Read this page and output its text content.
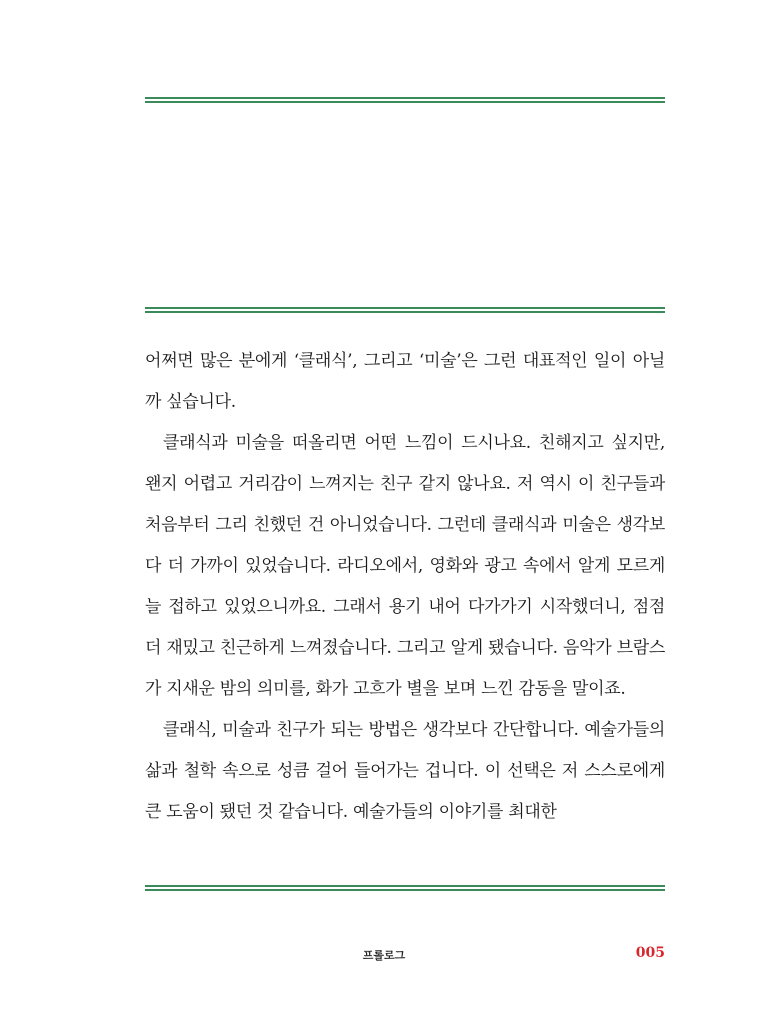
어쩌면 많은 분에게 ‘클래식’, 그리고 ‘미술’은 그런 대표적인 일이 아닐까 싶습니다.

클래식과 미술을 떠올리면 어떤 느낌이 드시나요. 친해지고 싶지만, 왠지 어렵고 거리감이 느껴지는 친구 같지 않나요. 저 역시 이 친구들과 처음부터 그리 친했던 건 아니었습니다. 그런데 클래식과 미술은 생각보다 더 가까이 있었습니다. 라디오에서, 영화와 광고 속에서 알게 모르게 늘 접하고 있었으니까요. 그래서 용기 내어 다가가기 시작했더니, 점점 더 재밌고 친근하게 느껴졌습니다. 그리고 알게 됐습니다. 음악가 브람스가 지새운 밤의 의미를, 화가 고흐가 별을 보며 느낀 감동을 말이죠.

클래식, 미술과 친구가 되는 방법은 생각보다 간단합니다. 예술가들의 삶과 철학 속으로 성큼 걸어 들어가는 겁니다. 이 선택은 저 스스로에게 큰 도움이 됐던 것 같습니다. 예술가들의 이야기를 최대한

프롤로그	005
